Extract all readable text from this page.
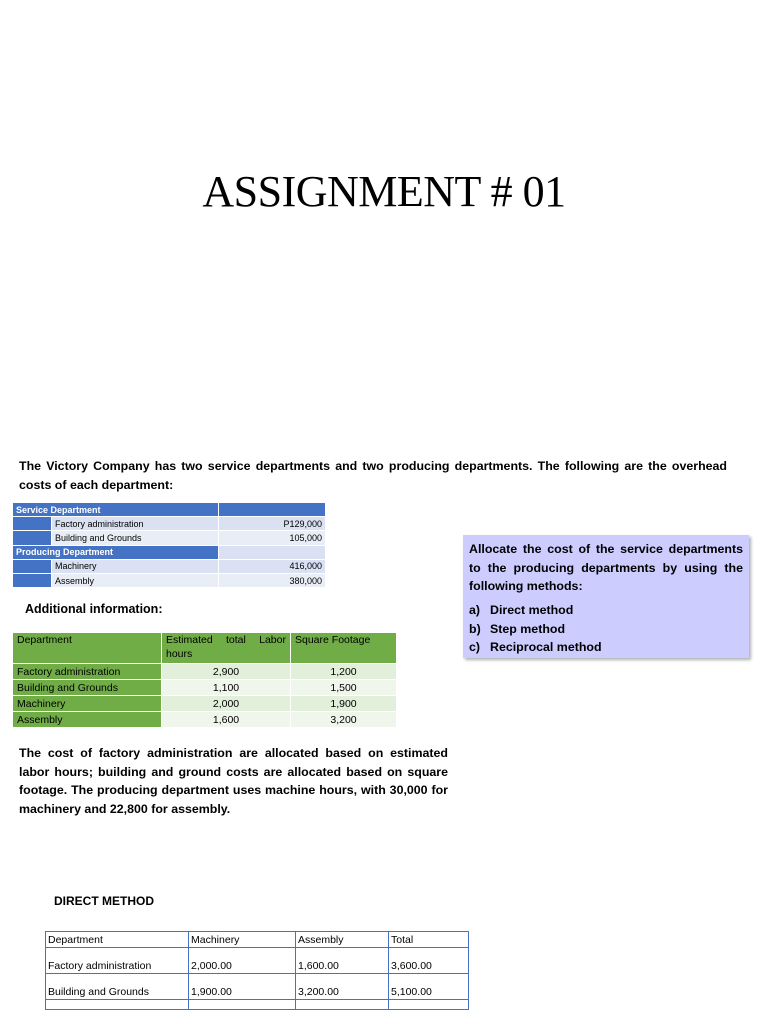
ASSIGNMENT # 01
The Victory Company has two service departments and two producing departments. The following are the overhead costs of each department:
Service Department		
	Factory administration	P129,000
	Building and Grounds	105,000
Producing Department		
	Machinery	416,000
	Assembly	380,000
Additional information:
Department	Estimated total Labor hours	Square Footage
Factory administration	2,900	1,200
Building and Grounds	1,100	1,500
Machinery	2,000	1,900
Assembly	1,600	3,200
The cost of factory administration are allocated based on estimated labor hours; building and ground costs are allocated based on square footage. The producing department uses machine hours, with 30,000 for machinery and 22,800 for assembly.
Allocate the cost of the service departments to the producing departments by using the following methods:
a) Direct method
b) Step method
c) Reciprocal method
DIRECT METHOD
Department	Machinery	Assembly	Total
Factory administration	2,000.00	1,600.00	3,600.00
Building and Grounds	1,900.00	3,200.00	5,100.00
